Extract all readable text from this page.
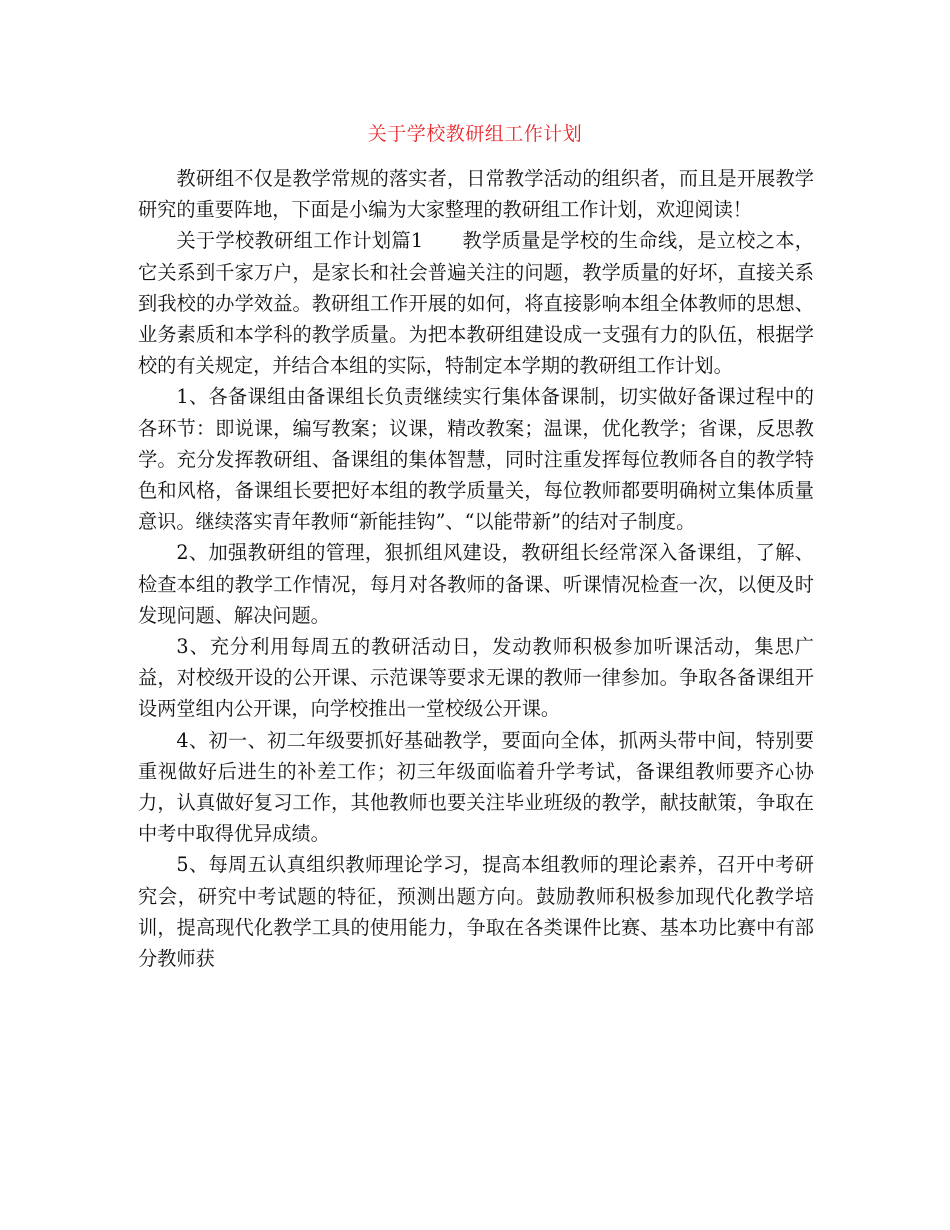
关于学校教研组工作计划

教研组不仅是教学常规的落实者，日常教学活动的组织者，而且是开展教学研究的重要阵地，下面是小编为大家整理的教研组工作计划，欢迎阅读！

关于学校教研组工作计划篇1　　教学质量是学校的生命线，是立校之本，它关系到千家万户，是家长和社会普遍关注的问题，教学质量的好坏，直接关系到我校的办学效益。教研组工作开展的如何，将直接影响本组全体教师的思想、业务素质和本学科的教学质量。为把本教研组建设成一支强有力的队伍，根据学校的有关规定，并结合本组的实际，特制定本学期的教研组工作计划。

1、各备课组由备课组长负责继续实行集体备课制，切实做好备课过程中的各环节：即说课，编写教案；议课，精改教案；温课，优化教学；省课，反思教学。充分发挥教研组、备课组的集体智慧，同时注重发挥每位教师各自的教学特色和风格，备课组长要把好本组的教学质量关，每位教师都要明确树立集体质量意识。继续落实青年教师“新能挂钩”、“以能带新”的结对子制度。

2、加强教研组的管理，狠抓组风建设，教研组长经常深入备课组，了解、检查本组的教学工作情况，每月对各教师的备课、听课情况检查一次，以便及时发现问题、解决问题。

3、充分利用每周五的教研活动日，发动教师积极参加听课活动，集思广益，对校级开设的公开课、示范课等要求无课的教师一律参加。争取各备课组开设两堂组内公开课，向学校推出一堂校级公开课。

4、初一、初二年级要抓好基础教学，要面向全体，抓两头带中间，特别要重视做好后进生的补差工作；初三年级面临着升学考试，备课组教师要齐心协力，认真做好复习工作，其他教师也要关注毕业班级的教学，献技献策，争取在中考中取得优异成绩。

5、每周五认真组织教师理论学习，提高本组教师的理论素养，召开中考研究会，研究中考试题的特征，预测出题方向。鼓励教师积极参加现代化教学培训，提高现代化教学工具的使用能力，争取在各类课件比赛、基本功比赛中有部分教师获
